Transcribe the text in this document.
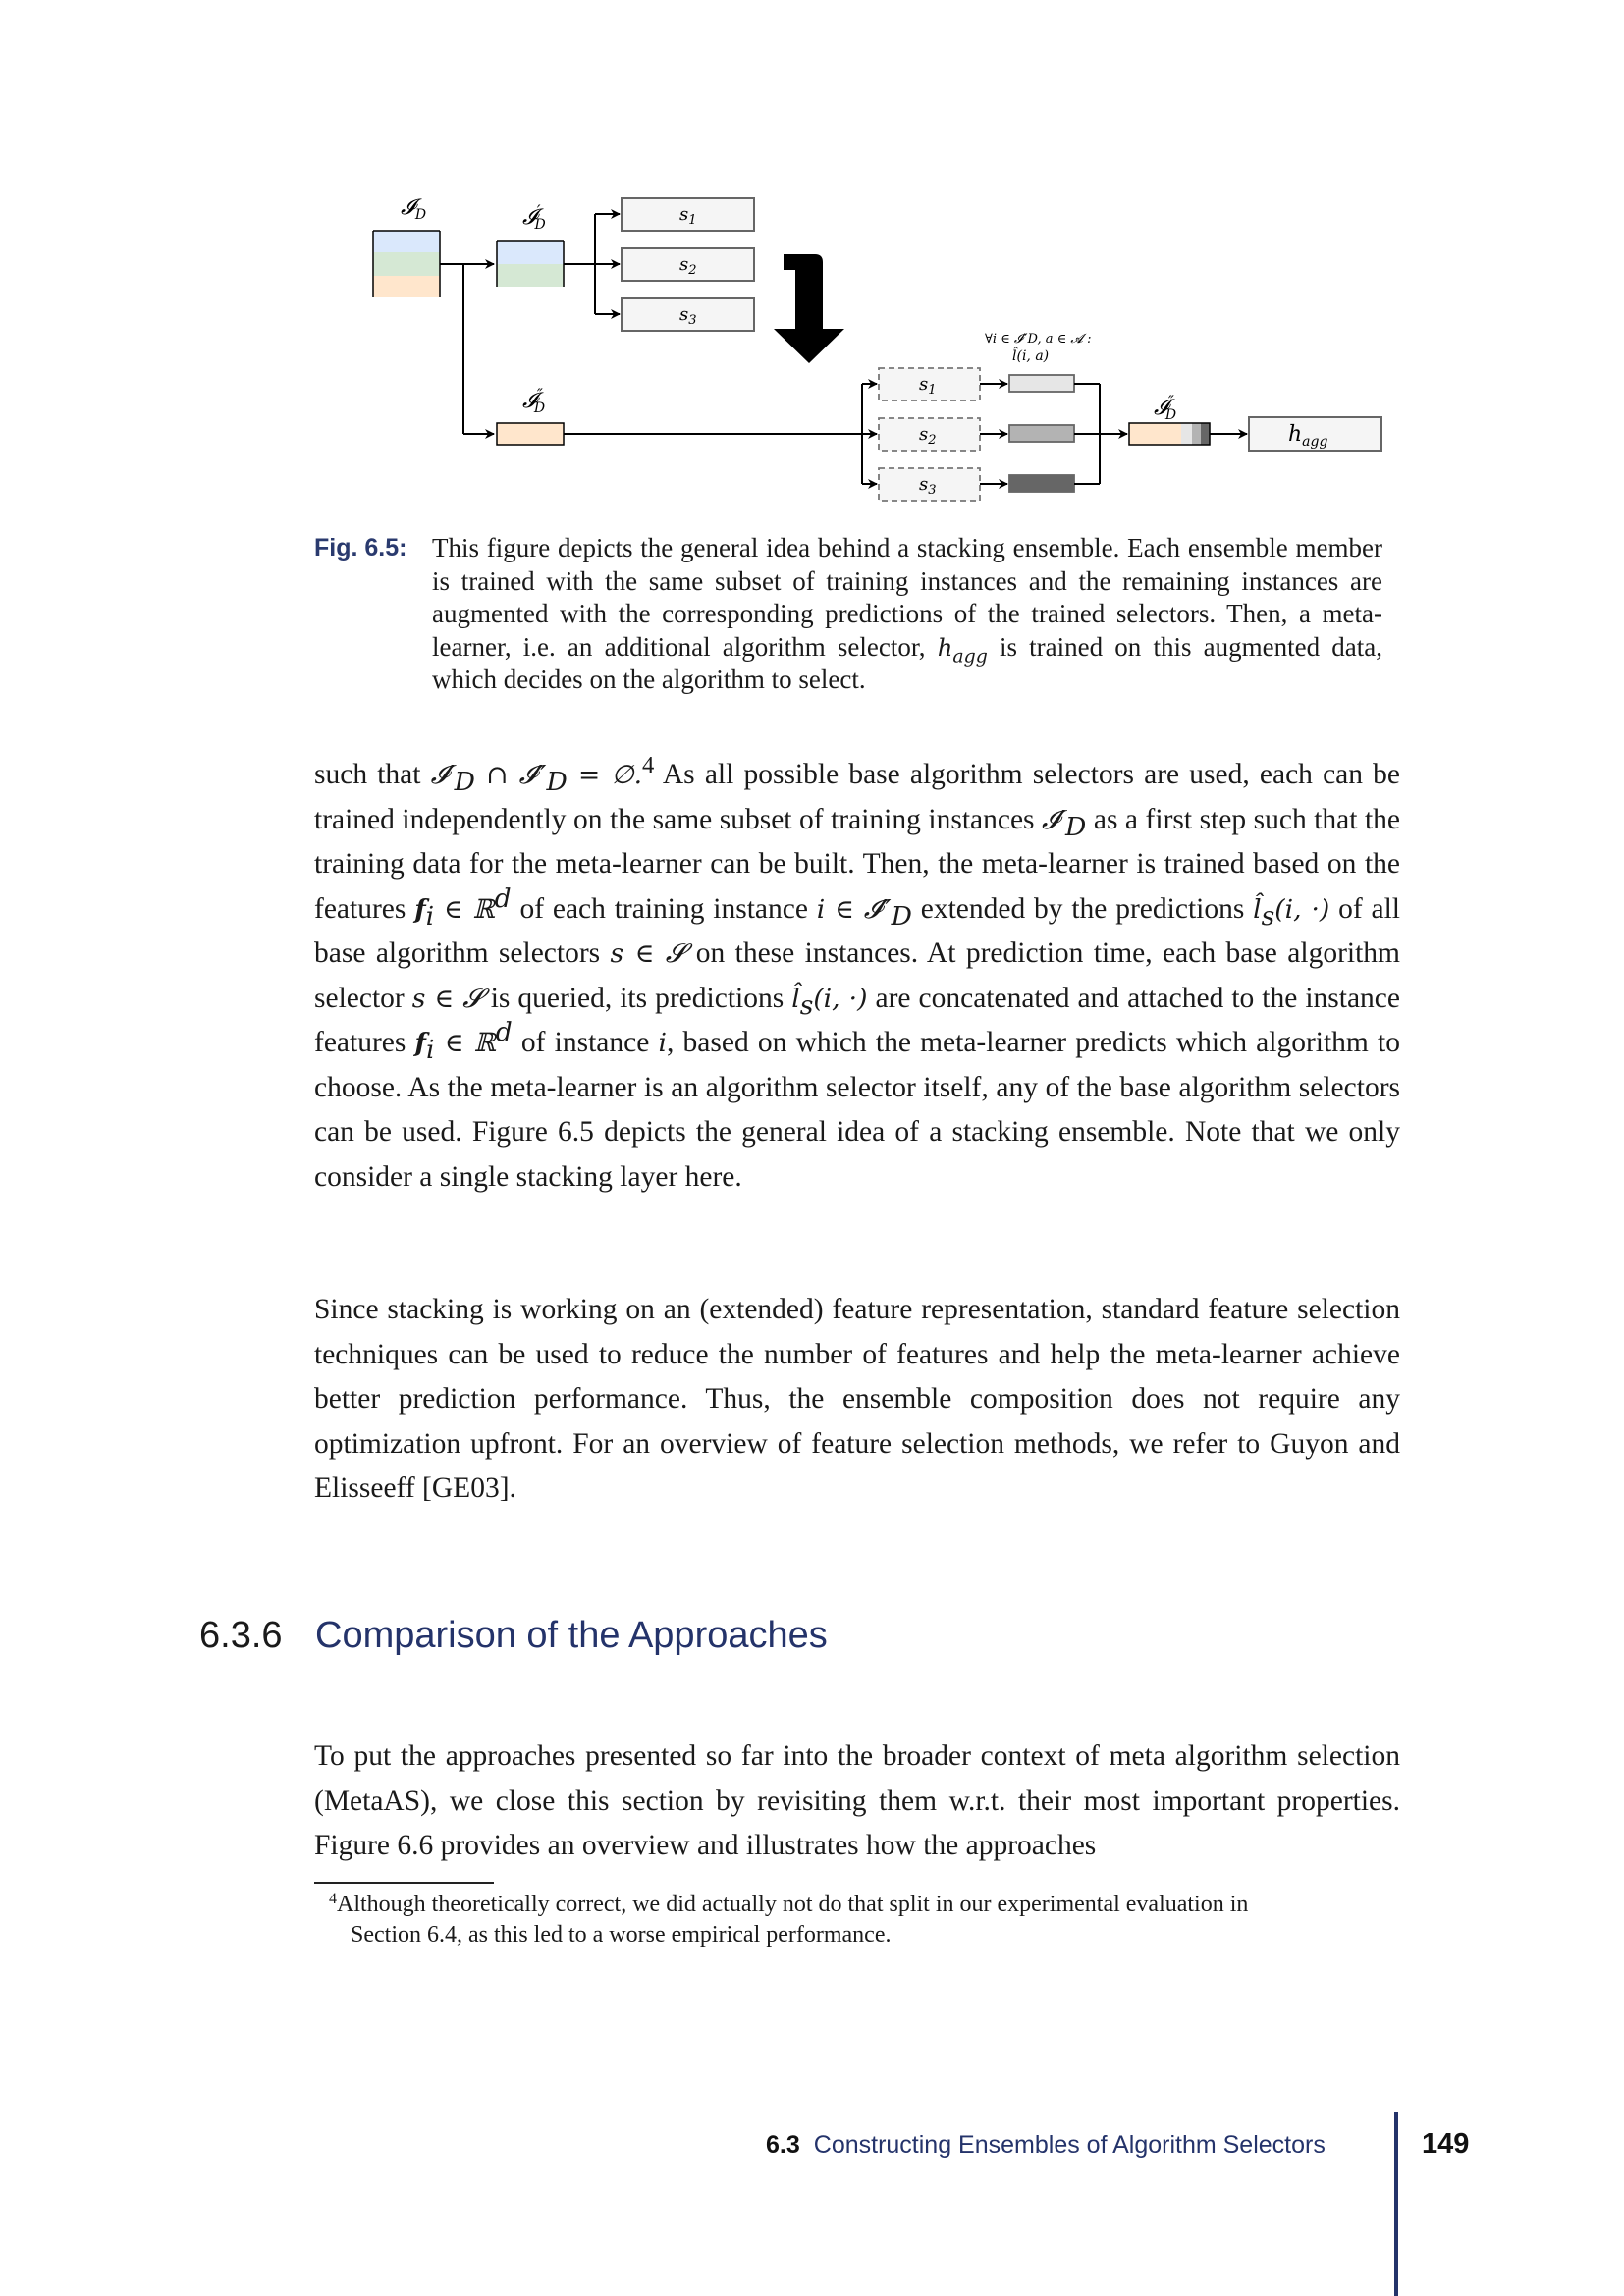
𝓘$_D$	𝓘′ D	$s_1$
$s_2$
$s_3$
𝓘″ D
$s_1$
$s_2$
$s_3$
∀i ∈ 𝓘″D, a ∈ 𝓐 :
l̂(i, a)
𝓘″ D
$h_{agg}$
Fig. 6.5: This figure depicts the general idea behind a stacking ensemble. Each ensemble member is trained with the same subset of training instances and the remaining instances are augmented with the corresponding predictions of the trained selectors. Then, a meta-learner, i.e. an additional algorithm selector, $h_{agg}$ is trained on this augmented data, which decides on the algorithm to select.

such that $𝓘'_D$ ∩ $𝓘''_D$ = ∅.$^4$ As all possible base algorithm selectors are used, each can be trained independently on the same subset of training instances $𝓘'_D$ as a first step such that the training data for the meta-learner can be built. Then, the meta-learner is trained based on the features $f_i$ ∈ ℝ$^d$ of each training instance i ∈ $𝓘''_D$ extended by the predictions $l̂_s(i$, ·) of all base algorithm selectors s ∈ 𝓢 on these instances. At prediction time, each base algorithm selector s ∈ 𝓢 is queried, its predictions $l̂_s(i$, ·) are concatenated and attached to the instance features $f_i$ ∈ ℝ$^d$ of instance i, based on which the meta-learner predicts which algorithm to choose. As the meta-learner is an algorithm selector itself, any of the base algorithm selectors can be used. Figure 6.5 depicts the general idea of a stacking ensemble. Note that we only consider a single stacking layer here.

Since stacking is working on an (extended) feature representation, standard feature selection techniques can be used to reduce the number of features and help the meta-learner achieve better prediction performance. Thus, the ensemble composition does not require any optimization upfront. For an overview of feature selection methods, we refer to Guyon and Elisseeff [GE03].

6.3.6 Comparison of the Approaches

To put the approaches presented so far into the broader context of meta algorithm selection (MetaAS), we close this section by revisiting them w.r.t. their most important properties. Figure 6.6 provides an overview and illustrates how the approaches

$^4$Although theoretically correct, we did actually not do that split in our experimental evaluation in
Section 6.4, as this led to a worse empirical performance.
6.3 Constructing Ensembles of Algorithm Selectors	149
